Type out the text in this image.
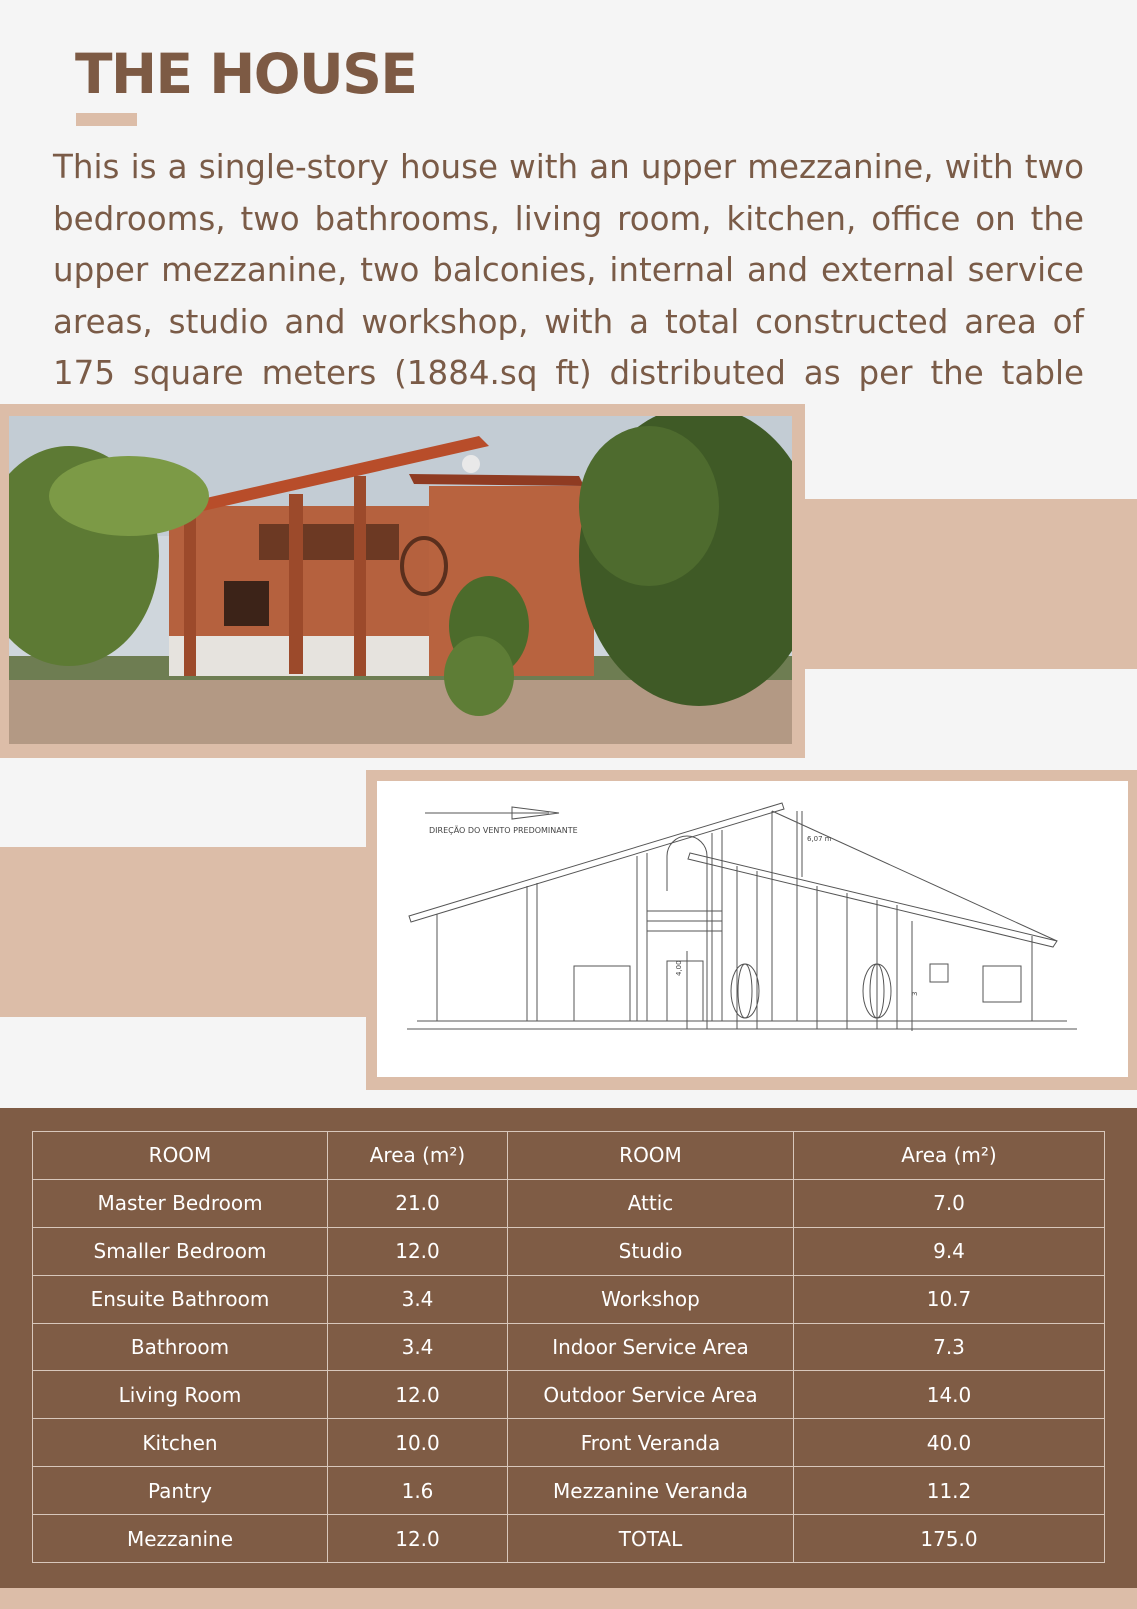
THE HOUSE

This is a single-story house with an upper mezzanine, with two bedrooms, two bathrooms, living room, kitchen, office on the upper mezzanine, two balconies, internal and external service areas, studio and workshop, with a total constructed area of 175 square meters (1884.sq ft) distributed as per the table

DIREÇÃO DO VENTO PREDOMINANTE
6,07 m
4,00
3
ROOM	Area (m²)	ROOM	Area (m²)
Master Bedroom	21.0	Attic	7.0
Smaller Bedroom	12.0	Studio	9.4
Ensuite Bathroom	3.4	Workshop	10.7
Bathroom	3.4	Indoor Service Area	7.3
Living Room	12.0	Outdoor Service Area	14.0
Kitchen	10.0	Front Veranda	40.0
Pantry	1.6	Mezzanine Veranda	11.2
Mezzanine	12.0	TOTAL	175.0
